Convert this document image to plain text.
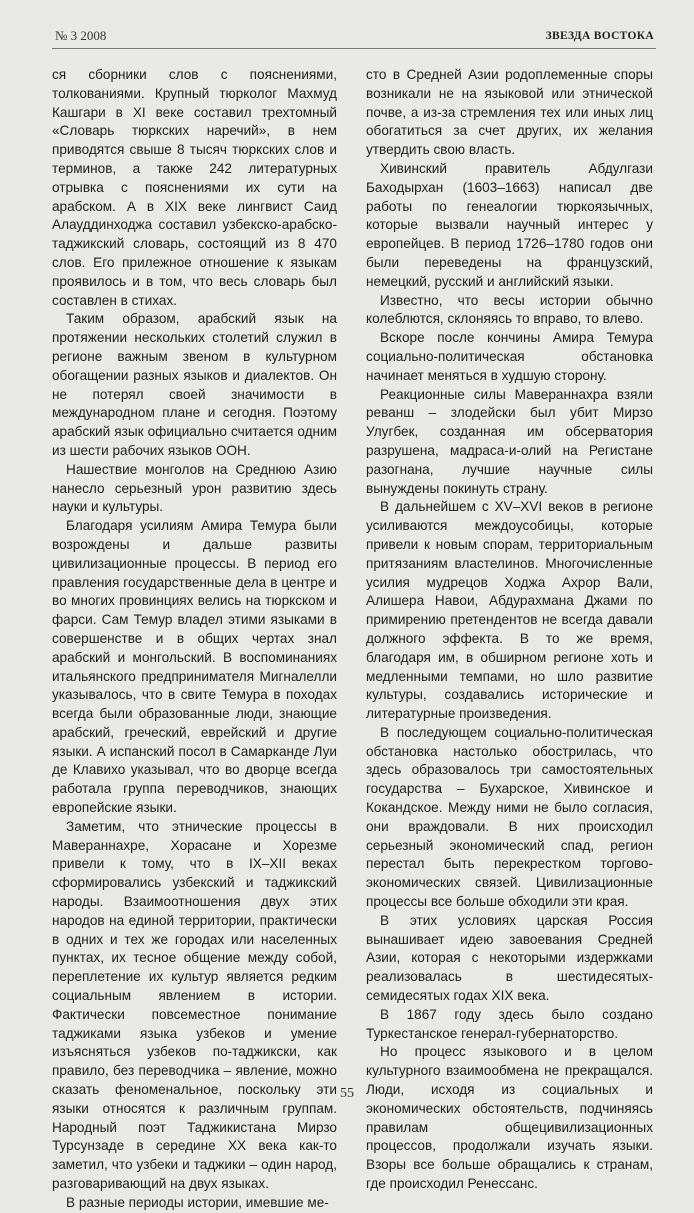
№ 3 2008	ЗВЕЗДА ВОСТОКА

ся сборники слов с пояснениями, толкованиями. Крупный тюрколог Махмуд Кашгари в XI веке составил трехтомный «Словарь тюркских наречий», в нем приводятся свыше 8 тысяч тюркских слов и терминов, а также 242 литературных отрывка с пояснениями их сути на арабском. А в XIX веке лингвист Саид Алауддинходжа составил узбекско-арабско-таджикский словарь, состоящий из 8 470 слов. Его прилежное отношение к языкам проявилось и в том, что весь словарь был составлен в стихах.

Таким образом, арабский язык на протяжении нескольких столетий служил в регионе важным звеном в культурном обогащении разных языков и диалектов. Он не потерял своей значимости в международном плане и сегодня. Поэтому арабский язык официально считается одним из шести рабочих языков ООН.

Нашествие монголов на Среднюю Азию нанесло серьезный урон развитию здесь науки и культуры.

Благодаря усилиям Амира Темура были возрождены и дальше развиты цивилизационные процессы. В период его правления государственные дела в центре и во многих провинциях велись на тюркском и фарси. Сам Темур владел этими языками в совершенстве и в общих чертах знал арабский и монгольский. В воспоминаниях итальянского предпринимателя Мигналелли указывалось, что в свите Темура в походах всегда были образованные люди, знающие арабский, греческий, еврейский и другие языки. А испанский посол в Самарканде Луи де Клавихо указывал, что во дворце всегда работала группа переводчиков, знающих европейские языки.

Заметим, что этнические процессы в Мавераннахре, Хорасане и Хорезме привели к тому, что в IX–XII веках сформировались узбекский и таджикский народы. Взаимоотношения двух этих народов на единой территории, практически в одних и тех же городах или населенных пунктах, их тесное общение между собой, переплетение их культур является редким социальным явлением в истории. Фактически повсеместное понимание таджиками языка узбеков и умение изъясняться узбеков по-таджикски, как правило, без переводчика – явление, можно сказать феноменальное, поскольку эти языки относятся к различным группам. Народный поэт Таджикистана Мирзо Турсунзаде в середине XX века как-то заметил, что узбеки и таджики – один народ, разговаривающий на двух языках.

В разные периоды истории, имевшие ме-

сто в Средней Азии родоплеменные споры возникали не на языковой или этнической почве, а из-за стремления тех или иных лиц обогатиться за счет других, их желания утвердить свою власть.

Хивинский правитель Абдулгази Баходырхан (1603–1663) написал две работы по генеалогии тюркоязычных, которые вызвали научный интерес у европейцев. В период 1726–1780 годов они были переведены на французский, немецкий, русский и английский языки.

Известно, что весы истории обычно колеблются, склоняясь то вправо, то влево.

Вскоре после кончины Амира Темура социально-политическая обстановка начинает меняться в худшую сторону.

Реакционные силы Мавераннахра взяли реванш – злодейски был убит Мирзо Улугбек, созданная им обсерватория разрушена, мадраса-и-олий на Регистане разогнана, лучшие научные силы вынуждены покинуть страну.

В дальнейшем с XV–XVI веков в регионе усиливаются междоусобицы, которые привели к новым спорам, территориальным притязаниям властелинов. Многочисленные усилия мудрецов Ходжа Ахрор Вали, Алишера Навои, Абдурахмана Джами по примирению претендентов не всегда давали должного эффекта. В то же время, благодаря им, в обширном регионе хоть и медленными темпами, но шло развитие культуры, создавались исторические и литературные произведения.

В последующем социально-политическая обстановка настолько обострилась, что здесь образовалось три самостоятельных государства – Бухарское, Хивинское и Кокандское. Между ними не было согласия, они враждовали. В них происходил серьезный экономический спад, регион перестал быть перекрестком торгово-экономических связей. Цивилизационные процессы все больше обходили эти края.

В этих условиях царская Россия вынашивает идею завоевания Средней Азии, которая с некоторыми издержками реализовалась в шестидесятых-семидесятых годах XIX века.

В 1867 году здесь было создано Туркестанское генерал-губернаторство.

Но процесс языкового и в целом культурного взаимообмена не прекращался. Люди, исходя из социальных и экономических обстоятельств, подчиняясь правилам общецивилизационных процессов, продолжали изучать языки. Взоры все больше обращались к странам, где происходил Ренессанс.

55
